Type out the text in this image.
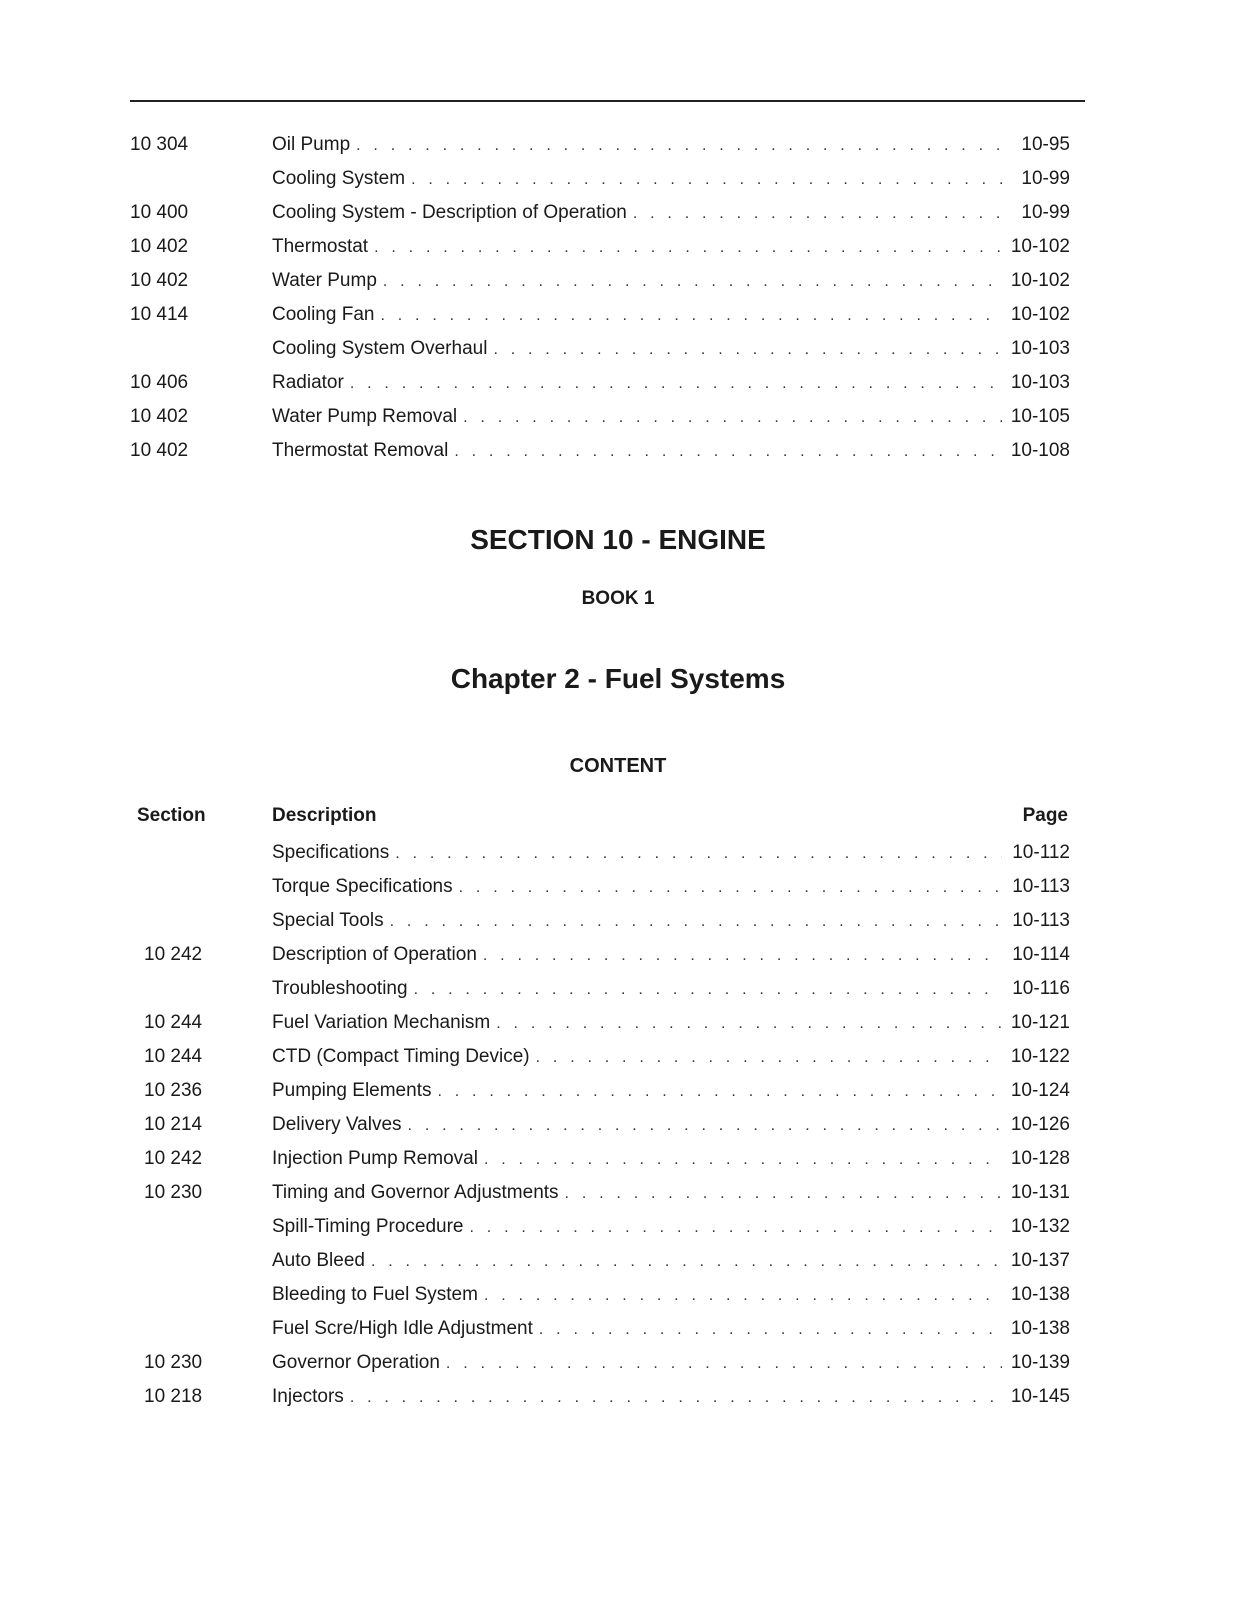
10 304	Oil Pump . . .	10-95
Cooling System . . .	10-99
10 400	Cooling System - Description of Operation . . .	10-99
10 402	Thermostat . . .	10-102
10 402	Water Pump . . .	10-102
10 414	Cooling Fan . . .	10-102
Cooling System Overhaul . . .	10-103
10 406	Radiator . . .	10-103
10 402	Water Pump Removal . . .	10-105
10 402	Thermostat Removal . . .	10-108
SECTION 10 - ENGINE
BOOK 1
Chapter 2 - Fuel Systems
CONTENT
Section	Description	Page
Specifications . . .	10-112
Torque Specifications . . .	10-113
Special Tools . . .	10-113
10 242	Description of Operation . . .	10-114
Troubleshooting . . .	10-116
10 244	Fuel Variation Mechanism . . .	10-121
10 244	CTD (Compact Timing Device) . . .	10-122
10 236	Pumping Elements . . .	10-124
10 214	Delivery Valves . . .	10-126
10 242	Injection Pump Removal . . .	10-128
10 230	Timing and Governor Adjustments . . .	10-131
Spill-Timing Procedure . . .	10-132
Auto Bleed . . .	10-137
Bleeding to Fuel System . . .	10-138
Fuel Scre/High Idle Adjustment . . .	10-138
10 230	Governor Operation . . .	10-139
10 218	Injectors . . .	10-145
